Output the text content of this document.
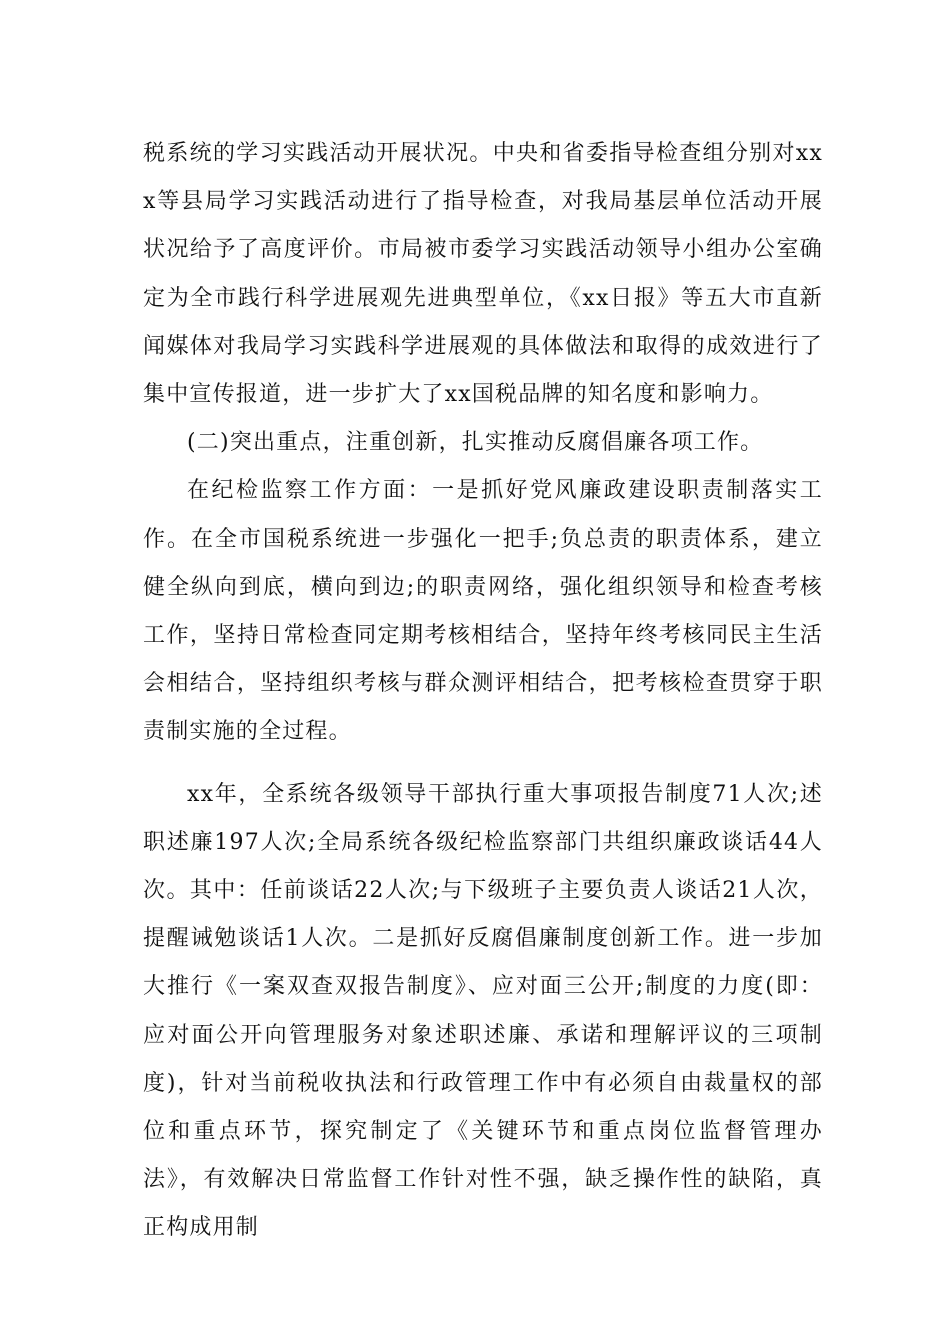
税系统的学习实践活动开展状况。中央和省委指导检查组分别对xxx等县局学习实践活动进行了指导检查，对我局基层单位活动开展状况给予了高度评价。市局被市委学习实践活动领导小组办公室确定为全市践行科学进展观先进典型单位，《xx日报》等五大市直新闻媒体对我局学习实践科学进展观的具体做法和取得的成效进行了集中宣传报道，进一步扩大了xx国税品牌的知名度和影响力。

(二)突出重点，注重创新，扎实推动反腐倡廉各项工作。

在纪检监察工作方面：一是抓好党风廉政建设职责制落实工作。在全市国税系统进一步强化一把手;负总责的职责体系，建立健全纵向到底，横向到边;的职责网络，强化组织领导和检查考核工作，坚持日常检查同定期考核相结合，坚持年终考核同民主生活会相结合，坚持组织考核与群众测评相结合，把考核检查贯穿于职责制实施的全过程。

xx年，全系统各级领导干部执行重大事项报告制度71人次;述职述廉197人次;全局系统各级纪检监察部门共组织廉政谈话44人次。其中：任前谈话22人次;与下级班子主要负责人谈话21人次，提醒诫勉谈话1人次。二是抓好反腐倡廉制度创新工作。进一步加大推行《一案双查双报告制度》、应对面三公开;制度的力度(即：应对面公开向管理服务对象述职述廉、承诺和理解评议的三项制度)，针对当前税收执法和行政管理工作中有必须自由裁量权的部位和重点环节，探究制定了《关键环节和重点岗位监督管理办法》，有效解决日常监督工作针对性不强，缺乏操作性的缺陷，真正构成用制
